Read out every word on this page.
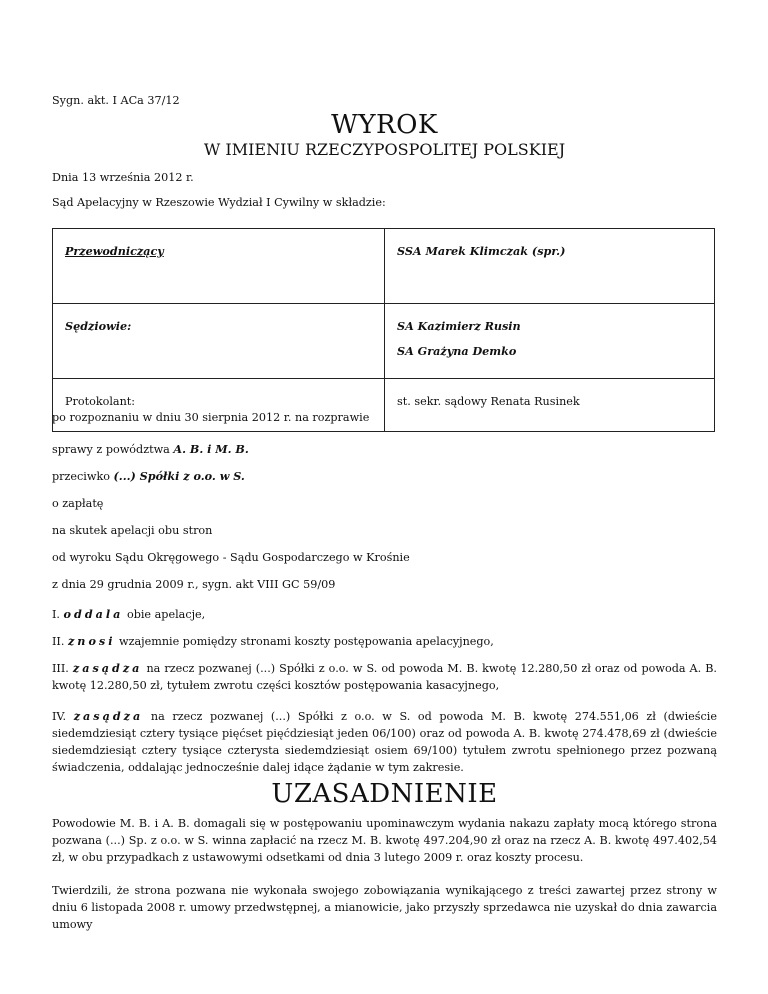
Sygn. akt. I ACa 37/12
WYROK
W IMIENIU RZECZYPOSPOLITEJ POLSKIEJ
Dnia 13 września 2012 r.
Sąd Apelacyjny w Rzeszowie Wydział I Cywilny w składzie:
Przewodniczący	SSA Marek Klimczak (spr.)

Sędziowie:	SA Kazimierz Rusin
SA Grażyna Demko

Protokolant:	st. sekr. sądowy Renata Rusinek
po rozpoznaniu w dniu 30 sierpnia 2012 r. na rozprawie
sprawy z powództwa A. B. i M. B.
przeciwko (...) Spółki z o.o. w S.
o zapłatę
na skutek apelacji obu stron
od wyroku Sądu Okręgowego - Sądu Gospodarczego w Krośnie
z dnia 29 grudnia 2009 r., sygn. akt VIII GC 59/09
I. oddala obie apelacje,
II. znosi wzajemnie pomiędzy stronami koszty postępowania apelacyjnego,
III. zasądza na rzecz pozwanej (...) Spółki z o.o. w S. od powoda M. B. kwotę 12.280,50 zł oraz od powoda A. B. kwotę 12.280,50 zł, tytułem zwrotu części kosztów postępowania kasacyjnego,
IV. zasądza na rzecz pozwanej (...) Spółki z o.o. w S. od powoda M. B. kwotę 274.551,06 zł (dwieście siedemdziesiąt cztery tysiące pięćset pięćdziesiąt jeden 06/100) oraz od powoda A. B. kwotę 274.478,69 zł (dwieście siedemdziesiąt cztery tysiące czterysta siedemdziesiąt osiem 69/100) tytułem zwrotu spełnionego przez pozwaną świadczenia, oddalając jednocześnie dalej idące żądanie w tym zakresie.
UZASADNIENIE
Powodowie M. B. i A. B. domagali się w postępowaniu upominawczym wydania nakazu zapłaty mocą którego strona pozwana (...) Sp. z o.o. w S. winna zapłacić na rzecz M. B. kwotę 497.204,90 zł oraz na rzecz A. B. kwotę 497.402,54 zł, w obu przypadkach z ustawowymi odsetkami od dnia 3 lutego 2009 r. oraz koszty procesu.
Twierdzili, że strona pozwana nie wykonała swojego zobowiązania wynikającego z treści zawartej przez strony w dniu 6 listopada 2008 r. umowy przedwstępnej, a mianowicie, jako przyszły sprzedawca nie uzyskał do dnia zawarcia umowy
